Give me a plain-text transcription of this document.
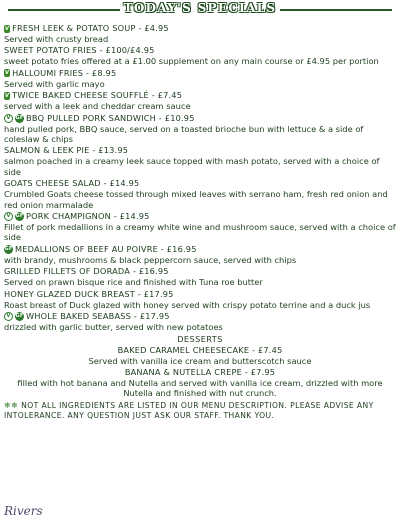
TODAY'S SPECIALS
V FRESH LEEK & POTATO SOUP - £4.95
Served with crusty bread
SWEET POTATO FRIES - £100/£4.95
sweet potato fries offered at a £1.00 supplement on any main course or £4.95 per portion
V HALLOUMI FRIES - £8.95
Served with garlic mayo
V TWICE BAKED CHEESE SOUFFLÉ - £7.45
served with a leek and cheddar cream sauce
V GF BBQ PULLED PORK SANDWICH - £10.95
hand pulled pork, BBQ sauce, served on a toasted brioche bun with lettuce & a side of coleslaw & chips
SALMON & LEEK PIE - £13.95
salmon poached in a creamy leek sauce topped with mash potato, served with a choice of side
GOATS CHEESE SALAD - £14.95
Crumbled Goats cheese tossed through mixed leaves with serrano ham, fresh red onion and red onion marmalade
V GF PORK CHAMPIGNON - £14.95
Fillet of pork medallions in a creamy white wine and mushroom sauce, served with a choice of side
GF MEDALLIONS OF BEEF AU POIVRE - £16.95
with brandy, mushrooms & black peppercorn sauce, served with chips
GRILLED FILLETS OF DORADA - £16.95
Served on prawn bisque rice and finished with Tuna roe butter
HONEY GLAZED DUCK BREAST - £17.95
Roast breast of Duck glazed with honey served with crispy potato terrine and a duck jus
V GF WHOLE BAKED SEABASS - £17.95
drizzled with garlic butter, served with new potatoes
DESSERTS
BAKED CARAMEL CHEESECAKE - £7.45
Served with vanilla ice cream and butterscotch sauce
BANANA & NUTELLA CREPE - £7.95
filled with hot banana and Nutella and served with vanilla ice cream, drizzled with more Nutella and finished with nut crunch.
❄❄ NOT ALL INGREDIENTS ARE LISTED IN OUR MENU DESCRIPTION. PLEASE ADVISE ANY INTOLERANCE. ANY QUESTION JUST ASK OUR STAFF. THANK YOU.
Rivers
